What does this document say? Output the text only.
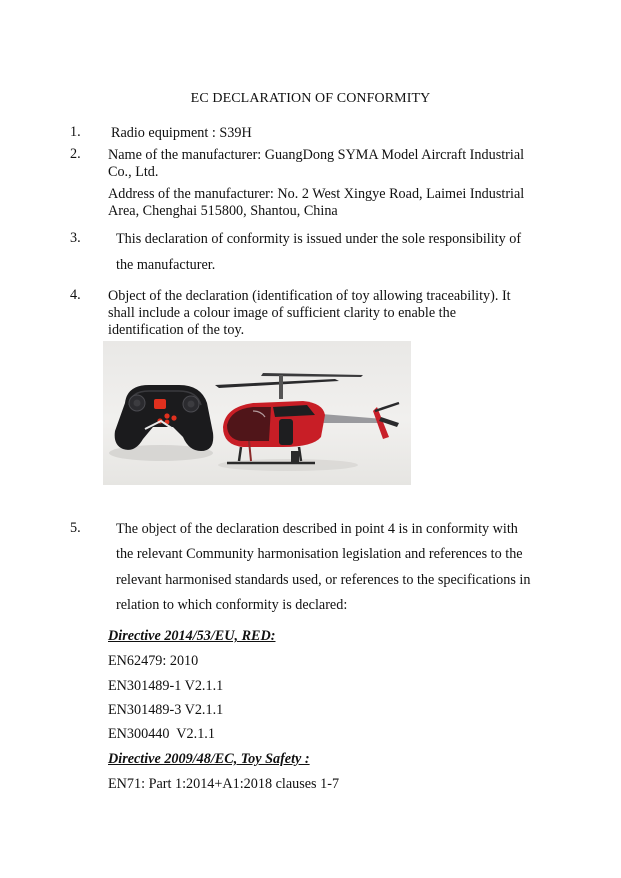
EC DECLARATION OF CONFORMITY
1. Radio equipment : S39H
2. Name of the manufacturer: GuangDong SYMA Model Aircraft Industrial
Co., Ltd.
Address of the manufacturer: No. 2 West Xingye Road, Laimei Industrial
Area, Chenghai 515800, Shantou, China
3. This declaration of conformity is issued under the sole responsibility of
the manufacturer.
4. Object of the declaration (identification of toy allowing traceability). It
shall include a colour image of sufficient clarity to enable the
identification of the toy.
5. The object of the declaration described in point 4 is in conformity with
the relevant Community harmonisation legislation and references to the
relevant harmonised standards used, or references to the specifications in
relation to which conformity is declared:
Directive 2014/53/EU, RED:
EN62479: 2010
EN301489-1 V2.1.1
EN301489-3 V2.1.1
EN300440  V2.1.1
Directive 2009/48/EC, Toy Safety :
EN71: Part 1:2014+A1:2018 clauses 1-7
